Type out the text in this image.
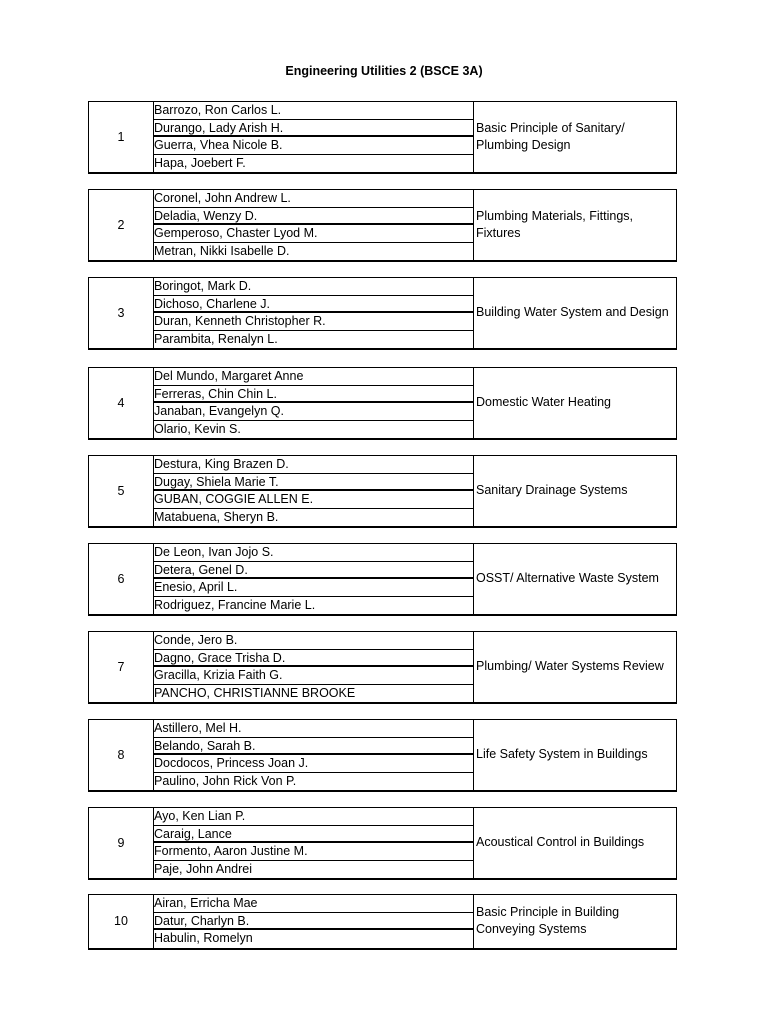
Engineering Utilities 2 (BSCE 3A)
1
Barrozo, Ron Carlos L.
Durango, Lady Arish H.
Guerra, Vhea Nicole B.
Hapa, Joebert F.
Basic Principle of Sanitary/ Plumbing Design
2
Coronel, John Andrew L.
Deladia, Wenzy D.
Gemperoso, Chaster Lyod M.
Metran, Nikki Isabelle D.
Plumbing Materials, Fittings, Fixtures
3
Boringot, Mark D.
Dichoso, Charlene J.
Duran, Kenneth Christopher R.
Parambita, Renalyn L.
Building Water System and Design
4
Del Mundo, Margaret Anne
Ferreras, Chin Chin L.
Janaban, Evangelyn Q.
Olario, Kevin S.
Domestic Water Heating
5
Destura, King Brazen D.
Dugay, Shiela Marie T.
GUBAN, COGGIE ALLEN E.
Matabuena, Sheryn B.
Sanitary Drainage Systems
6
De Leon, Ivan Jojo S.
Detera, Genel D.
Enesio, April L.
Rodriguez, Francine Marie L.
OSST/ Alternative Waste System
7
Conde, Jero B.
Dagno, Grace Trisha D.
Gracilla, Krizia Faith G.
PANCHO, CHRISTIANNE BROOKE
Plumbing/ Water Systems Review
8
Astillero, Mel H.
Belando, Sarah B.
Docdocos, Princess Joan J.
Paulino, John Rick Von P.
Life Safety System in Buildings
9
Ayo, Ken Lian P.
Caraig, Lance
Formento, Aaron Justine M.
Paje, John Andrei
Acoustical Control in Buildings
10
Airan, Erricha Mae
Datur, Charlyn B.
Habulin, Romelyn
Basic Principle in Building Conveying Systems
